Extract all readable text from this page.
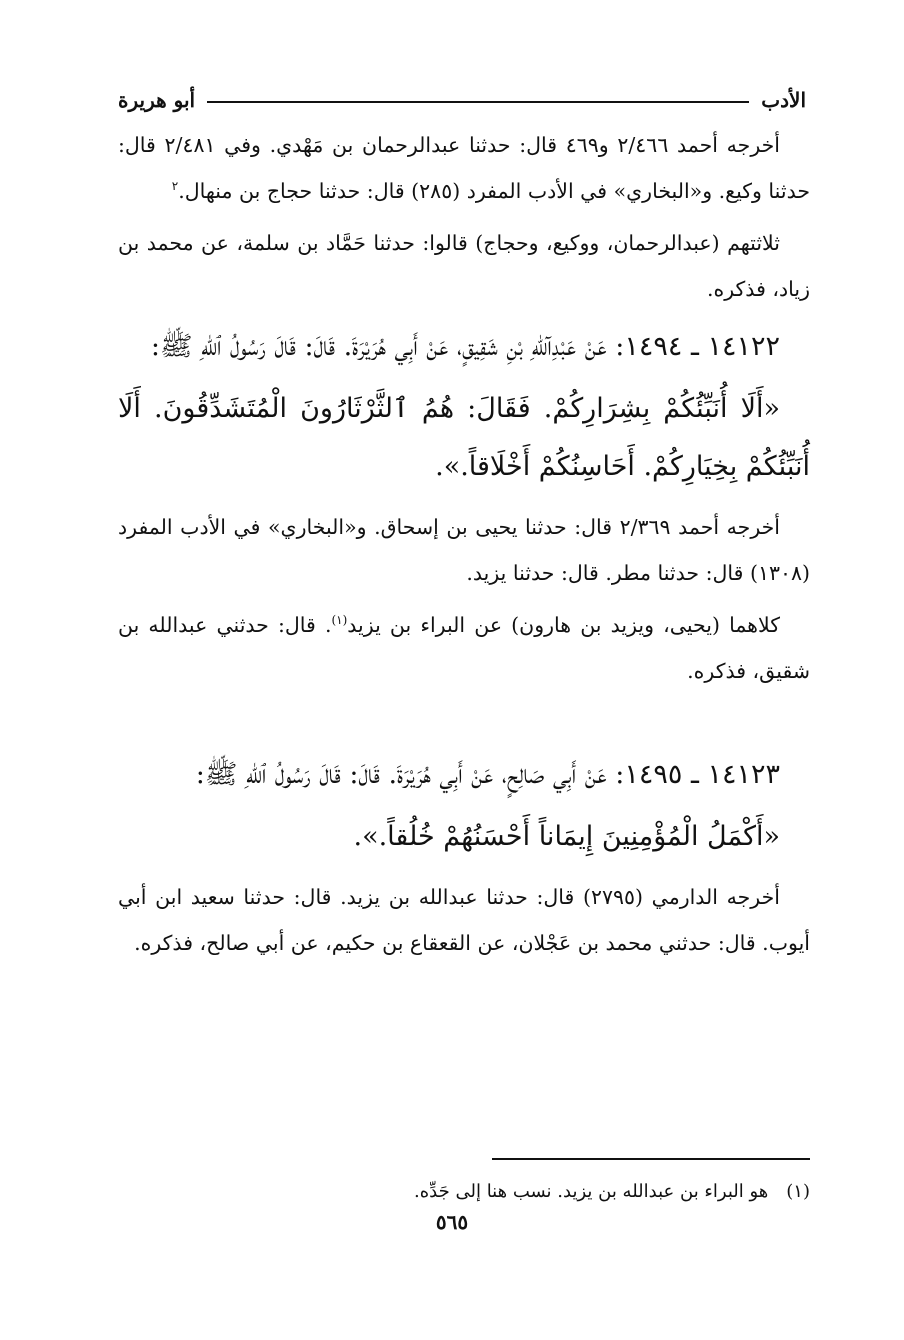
الأدب
أبو هريرة

أخرجه أحمد ٢/٤٦٦ و٤٦٩ قال: حدثنا عبدالرحمان بن مَهْدي. وفي ٢/٤٨١ قال: حدثنا وكيع. و«البخاري» في الأدب المفرد (٢٨٥) قال: حدثنا حجاج بن منهال.$^٢$

ثلاثتهم (عبدالرحمان، ووكيع، وحجاج) قالوا: حدثنا حَمَّاد بن سلمة، عن محمد بن زياد، فذكره.

١٤١٢٢ ـ ١٤٩٤: عَنْ عَبْدِآللهِ بْنِ شَقِيقٍ، عَنْ أَبِي هُرَيْرَةَ. قَالَ: قَالَ رَسُولُ ٱللهِ ﷺ:

«أَلَا أُنَبِّئُكُمْ بِشِرَارِكُمْ. فَقَالَ: هُمُ ٱلثَّرْثَارُونَ الْمُتَشَدِّقُونَ. أَلَا أُنَبِّئُكُمْ بِخِيَارِكُمْ. أَحَاسِنُكُمْ أَخْلَاقاً.».

أخرجه أحمد ٢/٣٦٩ قال: حدثنا يحيى بن إسحاق. و«البخاري» في الأدب المفرد (١٣٠٨) قال: حدثنا مطر. قال: حدثنا يزيد.

كلاهما (يحيى، ويزيد بن هارون) عن البراء بن يزيد$^{(١)}$. قال: حدثني عبدالله بن شقيق، فذكره.

١٤١٢٣ ـ ١٤٩٥: عَنْ أَبِي صَالِحٍ، عَنْ أَبِي هُرَيْرَةَ. قَالَ: قَالَ رَسُولُ ٱللهِ ﷺ:

«أَكْمَلُ الْمُؤْمِنِينَ إِيمَاناً أَحْسَنُهُمْ خُلُقاً.».

أخرجه الدارمي (٢٧٩٥) قال: حدثنا عبدالله بن يزيد. قال: حدثنا سعيد ابن أبي أيوب. قال: حدثني محمد بن عَجْلان، عن القعقاع بن حكيم، عن أبي صالح، فذكره.

(١)هو البراء بن عبدالله بن يزيد. نسب هنا إلى جَدِّه.
٥٦٥
